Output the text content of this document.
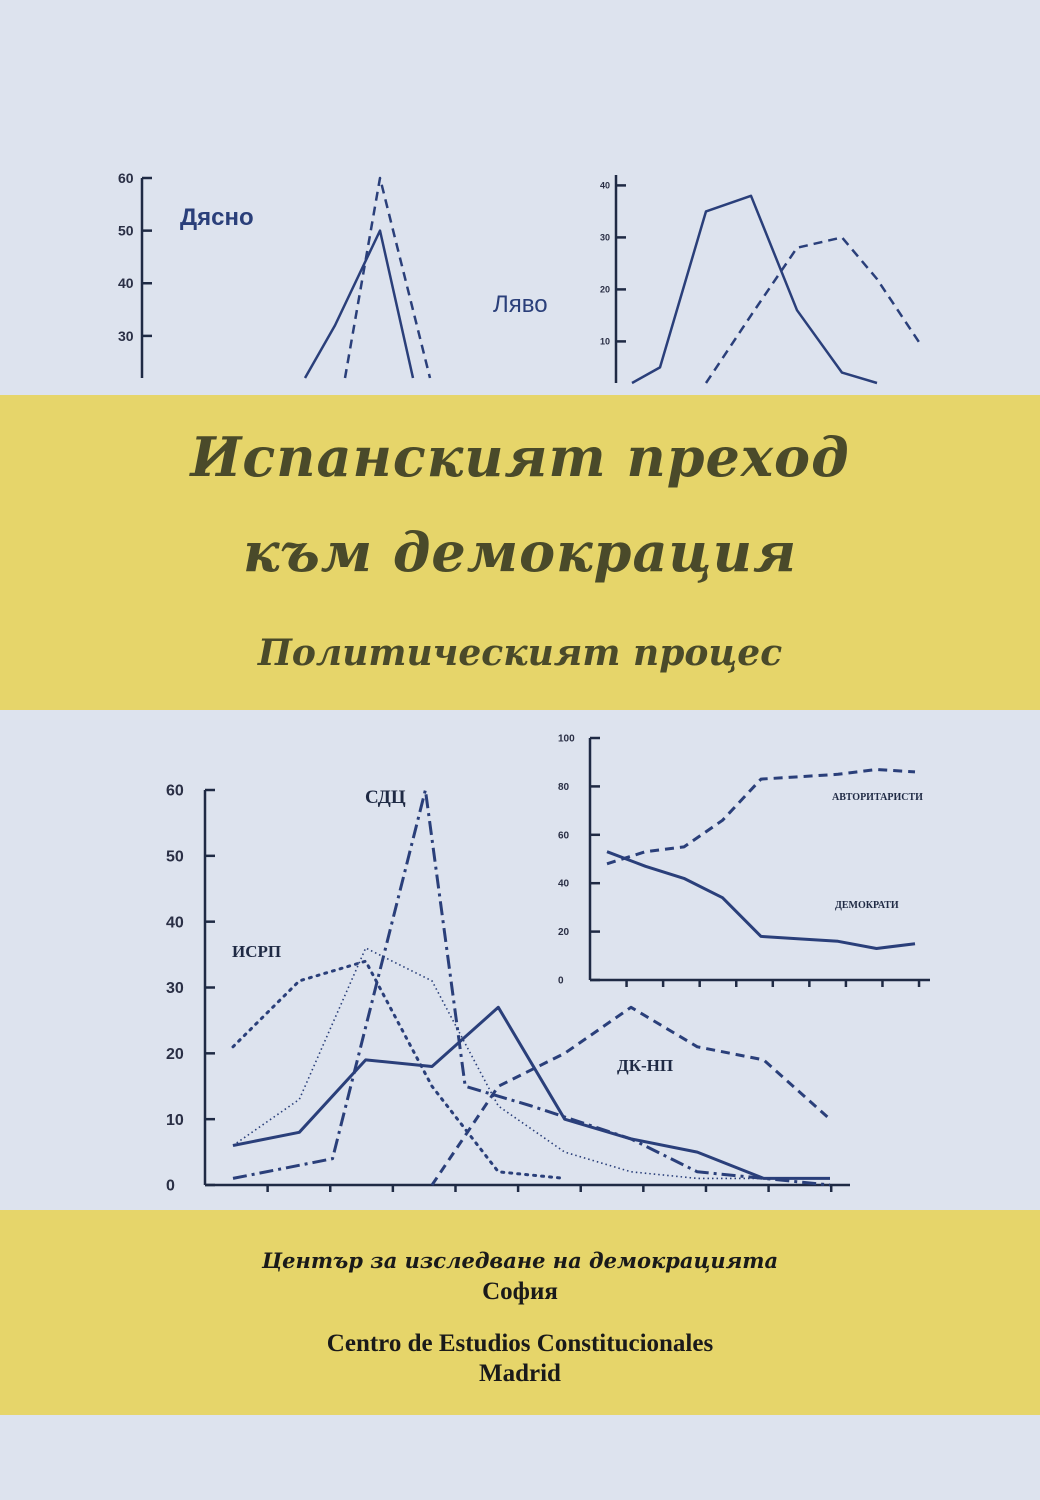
60
50
40
30
Дясно
40
30
20
10
Ляво
60
50
40
30
20
10
0
СДЦ
ИСРП
ДК-НП
100
80
60
40
20
0
АВТОРИТАРИСТИ
ДЕМОКРАТИ
Испанският преход
към демокрация
Политическият процес
Център за изследване на демокрацията
София
Centro de Estudios Constitucionales
Madrid
